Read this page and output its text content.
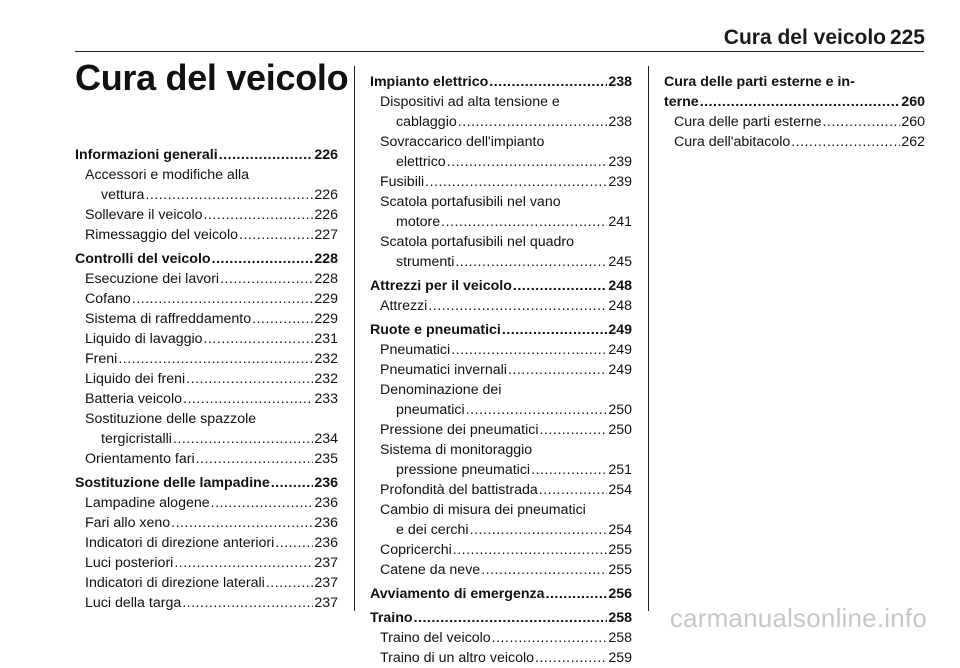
Cura del veicolo 225
Cura del veicolo
Informazioni generali .....	226
Accessori e modifiche alla
vettura .....	226
Sollevare il veicolo .....	226
Rimessaggio del veicolo .....	227
Controlli del veicolo .....	228
Esecuzione dei lavori .....	228
Cofano .....	229
Sistema di raffreddamento .....	229
Liquido di lavaggio .....	231
Freni .....	232
Liquido dei freni .....	232
Batteria veicolo .....	233
Sostituzione delle spazzole
tergicristalli .....	234
Orientamento fari .....	235
Sostituzione delle lampadine .....	236
Lampadine alogene .....	236
Fari allo xeno .....	236
Indicatori di direzione anteriori .....	236
Luci posteriori .....	237
Indicatori di direzione laterali .....	237
Luci della targa .....	237
Impianto elettrico .....	238
Dispositivi ad alta tensione e
cablaggio .....	238
Sovraccarico dell'impianto
elettrico .....	239
Fusibili .....	239
Scatola portafusibili nel vano
motore .....	241
Scatola portafusibili nel quadro
strumenti .....	245
Attrezzi per il veicolo .....	248
Attrezzi .....	248
Ruote e pneumatici .....	249
Pneumatici .....	249
Pneumatici invernali .....	249
Denominazione dei
pneumatici .....	250
Pressione dei pneumatici .....	250
Sistema di monitoraggio
pressione pneumatici .....	251
Profondità del battistrada .....	254
Cambio di misura dei pneumatici
e dei cerchi .....	254
Copricerchi .....	255
Catene da neve .....	255
Avviamento di emergenza .....	256
Traino .....	258
Traino del veicolo .....	258
Traino di un altro veicolo .....	259
Cura delle parti esterne e in-
terne .....	260
Cura delle parti esterne .....	260
Cura dell'abitacolo .....	262
carmanualsonline.info
